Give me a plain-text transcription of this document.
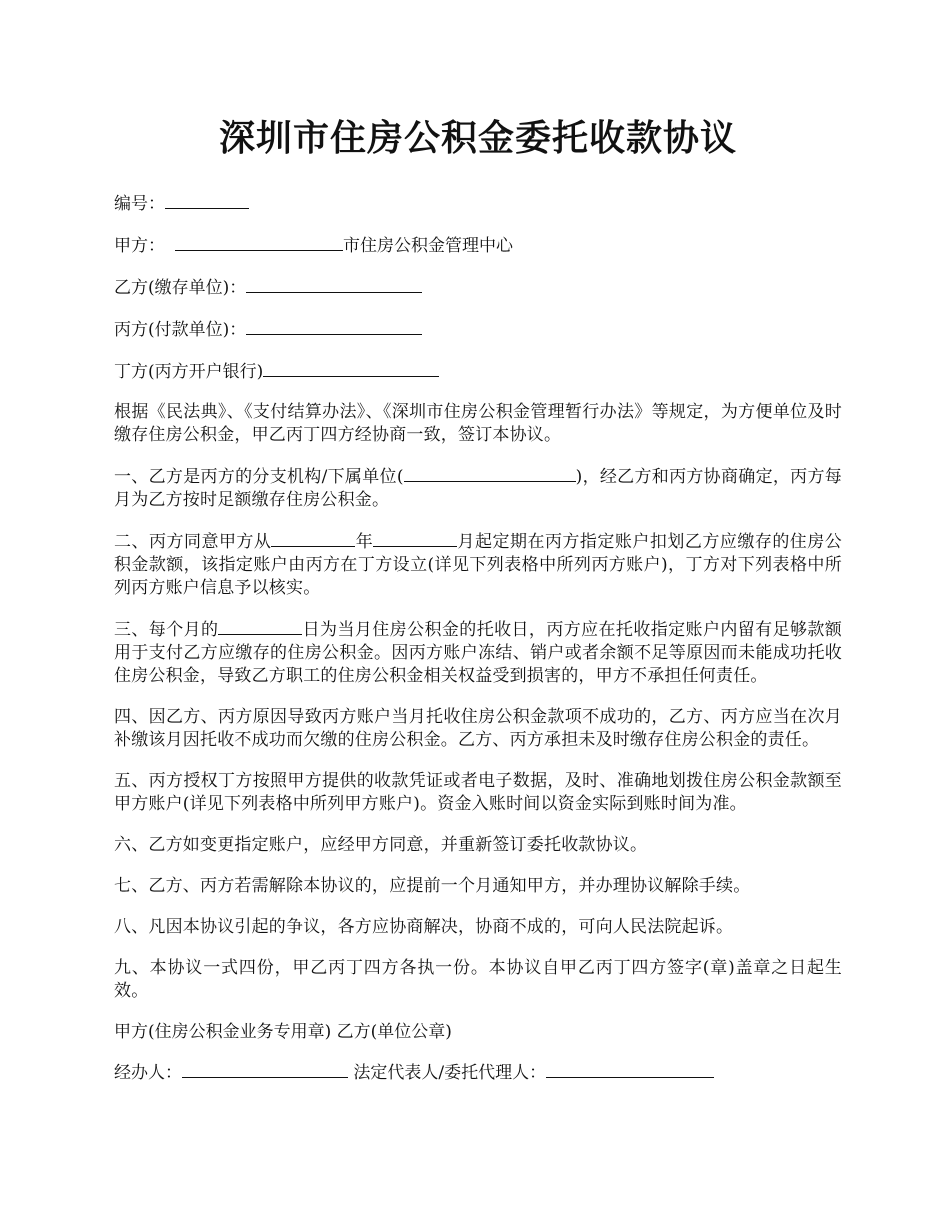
深圳市住房公积金委托收款协议

编号：

甲方：	市住房公积金管理中心

乙方(缴存单位)：

丙方(付款单位)：

丁方(丙方开户银行)

根据《民法典》、《支付结算办法》、《深圳市住房公积金管理暂行办法》等规定，为方便单位及时缴存住房公积金，甲乙丙丁四方经协商一致，签订本协议。

一、乙方是丙方的分支机构/下属单位(	)，经乙方和丙方协商确定，丙方每月为乙方按时足额缴存住房公积金。

二、丙方同意甲方从	年	月起定期在丙方指定账户扣划乙方应缴存的住房公积金款额，该指定账户由丙方在丁方设立(详见下列表格中所列丙方账户)，丁方对下列表格中所列丙方账户信息予以核实。

三、每个月的	日为当月住房公积金的托收日，丙方应在托收指定账户内留有足够款额用于支付乙方应缴存的住房公积金。因丙方账户冻结、销户或者余额不足等原因而未能成功托收住房公积金，导致乙方职工的住房公积金相关权益受到损害的，甲方不承担任何责任。

四、因乙方、丙方原因导致丙方账户当月托收住房公积金款项不成功的，乙方、丙方应当在次月补缴该月因托收不成功而欠缴的住房公积金。乙方、丙方承担未及时缴存住房公积金的责任。

五、丙方授权丁方按照甲方提供的收款凭证或者电子数据，及时、准确地划拨住房公积金款额至甲方账户(详见下列表格中所列甲方账户)。资金入账时间以资金实际到账时间为准。

六、乙方如变更指定账户，应经甲方同意，并重新签订委托收款协议。

七、乙方、丙方若需解除本协议的，应提前一个月通知甲方，并办理协议解除手续。

八、凡因本协议引起的争议，各方应协商解决，协商不成的，可向人民法院起诉。

九、本协议一式四份，甲乙丙丁四方各执一份。本协议自甲乙丙丁四方签字(章)盖章之日起生效。

甲方(住房公积金业务专用章) 乙方(单位公章)

经办人：	法定代表人/委托代理人：
